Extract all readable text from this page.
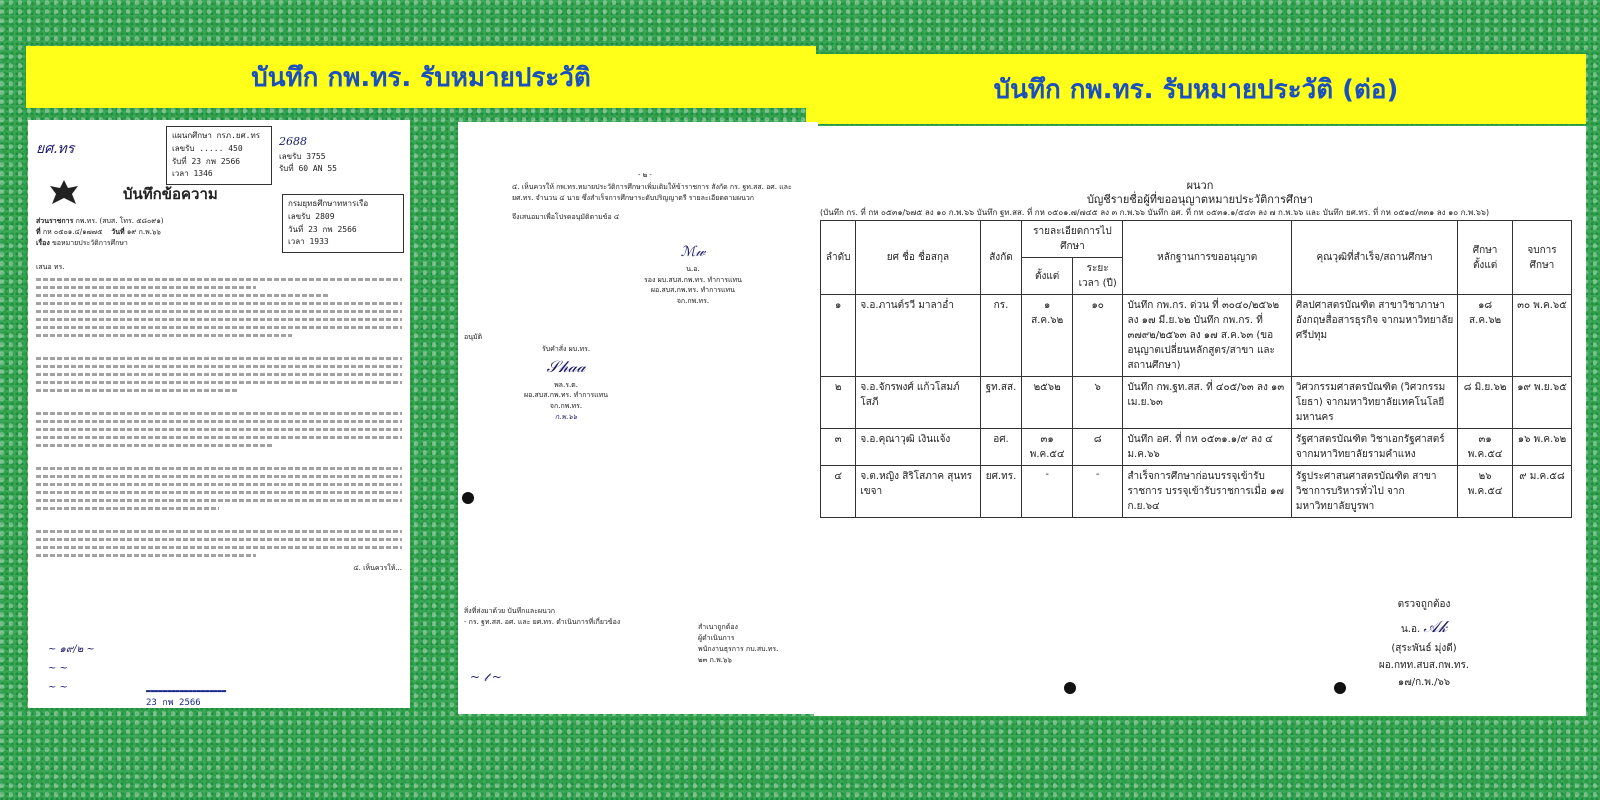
บันทึก กพ.ทร. รับหมายประวัติ	บันทึก กพ.ทร. รับหมายประวัติ (ต่อ)
ยศ.ทร
แผนกศึกษา กรภ.ยศ.ทร
เลขรับ ..... 450
รับที่ 23 กพ 2566
เวลา 1346
2688
เลขรับ 3755
รับที่ 60 AN 55
กรมยุทธศึกษาทหารเรือ
เลขรับ 2809
วันที่ 23 กพ 2566
เวลา 1933
บันทึกข้อความ
ส่วนราชการ กพ.ทร. (สบส. โทร. ๕๘๐๙๑)
ที่ กห ๐๕๐๑.๔/๑๗๗๕    วันที่ ๑๙ ก.พ.๖๖
เรื่อง ขอหมายประวัติการศึกษา
เสนอ ทร.
๔. เห็นควรให้...
~ ๑๙/๒ ~
~ ~
~ ~	▬▬▬▬▬▬▬▬▬▬▬▬▬▬▬▬▬▬▬
23 กพ 2566
- ๒ -
๔. เห็นควรให้ กพ.ทร.หมายประวัติการศึกษาเพิ่มเติมให้ข้าราชการ สังกัด กร. ฐท.สส. อศ. และ ยศ.ทร. จำนวน ๔ นาย ซึ่งสำเร็จการศึกษาระดับปริญญาตรี รายละเอียดตามผนวก
จึงเสนอมาเพื่อโปรดอนุมัติตามข้อ ๔
ℳ𝓌
น.อ.
รอง ผบ.สบส.กพ.ทร. ทำการแทน
ผอ.สบส.กพ.ทร. ทำการแทน
จก.กพ.ทร.
อนุมัติ
รับคำสั่ง ผบ.ทร.
𝒮𝒽𝒶𝒶
พล.ร.ต.
ผอ.สบส.กพ.ทร. ทำการแทน
จก.กพ.ทร.
ก.พ.๖๖
สิ่งที่ส่งมาด้วย บันทึกและผนวก
- กร. ฐท.สส. อศ. และ ยศ.ทร. ดำเนินการที่เกี่ยวข้อง
สำเนาถูกต้อง
ผู้ดำเนินการ
พนักงานธุรการ กบ.สบ.ทร.
๒๓ ก.พ.๖๖
~ 𝓉 ~
ผนวก
บัญชีรายชื่อผู้ที่ขออนุญาตหมายประวัติการศึกษา
(บันทึก กร. ที่ กห ๐๕๓๑/๖๗๕ ลง ๑๐ ก.พ.๖๖ บันทึก ฐท.สส. ที่ กห ๐๕๐๑.๗/๗๔๕ ลง ๓ ก.พ.๖๖ บันทึก อศ. ที่ กห ๐๕๓๑.๑/๕๔๓ ลง ๗ ก.พ.๖๖ และ บันทึก ยศ.ทร. ที่ กห ๐๕๑๔/๓๓๑ ลง ๑๐ ก.พ.๖๖)
ลำดับ	ยศ ชื่อ ชื่อสกุล	สังกัด	รายละเอียดการไปศึกษา		หลักฐานการขออนุญาต	คุณวุฒิที่สำเร็จ/สถานศึกษา	ศึกษาตั้งแต่	จบการศึกษา
			ตั้งแต่	ระยะเวลา (ปี)				
๑	จ.อ.ภานต์รวี มาลาอ่ำ	กร.	๑ ส.ค.๖๒	๑๐	บันทึก กพ.กร. ด่วน ที่ ๓๐๔๐/๒๕๖๒ ลง ๑๗ มี.ย.๖๒ บันทึก กพ.กร. ที่ ๓๗๙๒/๒๕๖๓ ลง ๑๗ ส.ค.๖๓ (ขออนุญาตเปลี่ยนหลักสูตร/สาขา และสถานศึกษา)	ศิลปศาสตรบัณฑิต สาขาวิชาภาษาอังกฤษสื่อสารธุรกิจ จากมหาวิทยาลัยศรีปทุม	๑๘ ส.ค.๖๒	๓๐ พ.ค.๖๕
๒	จ.อ.จักรพงศ์ แก้วโสมภ์โสภี	ฐท.สส.	๒๕๖๒	๖	บันทึก กพ.ฐท.สส. ที่ ๔๐๕/๖๓ ลง ๑๓ เม.ย.๖๓	วิศวกรรมศาสตรบัณฑิต (วิศวกรรมโยธา) จากมหาวิทยาลัยเทคโนโลยีมหานคร	๘ มิ.ย.๖๒	๑๙ พ.ย.๖๕
๓	จ.อ.คุณาวุฒิ เงินแจ้ง	อศ.	๓๑ พ.ค.๕๔	๘	บันทึก อศ. ที่ กห ๐๕๓๑.๑/๙ ลง ๔ ม.ค.๖๖	รัฐศาสตรบัณฑิต วิชาเอกรัฐศาสตร์ จากมหาวิทยาลัยรามคำแหง	๓๑ พ.ค.๕๔	๑๖ พ.ค.๖๒
๔	จ.ต.หญิง สิริโสภาค สุนทรเขจา	ยศ.ทร.	-	-	สำเร็จการศึกษาก่อนบรรจุเข้ารับราชการ บรรจุเข้ารับราชการเมื่อ ๑๗ ก.ย.๖๔	รัฐประศาสนศาสตรบัณฑิต สาขาวิชาการบริหารทั่วไป จากมหาวิทยาลัยบูรพา	๒๖ พ.ค.๕๔	๙ ม.ค.๕๘
ตรวจถูกต้อง
น.อ. 𝒜𝓀
(สุระพันธ์ มุ่งดี)
ผอ.กทท.สบส.กพ.ทร.
๑๗/ก.พ./๖๖
